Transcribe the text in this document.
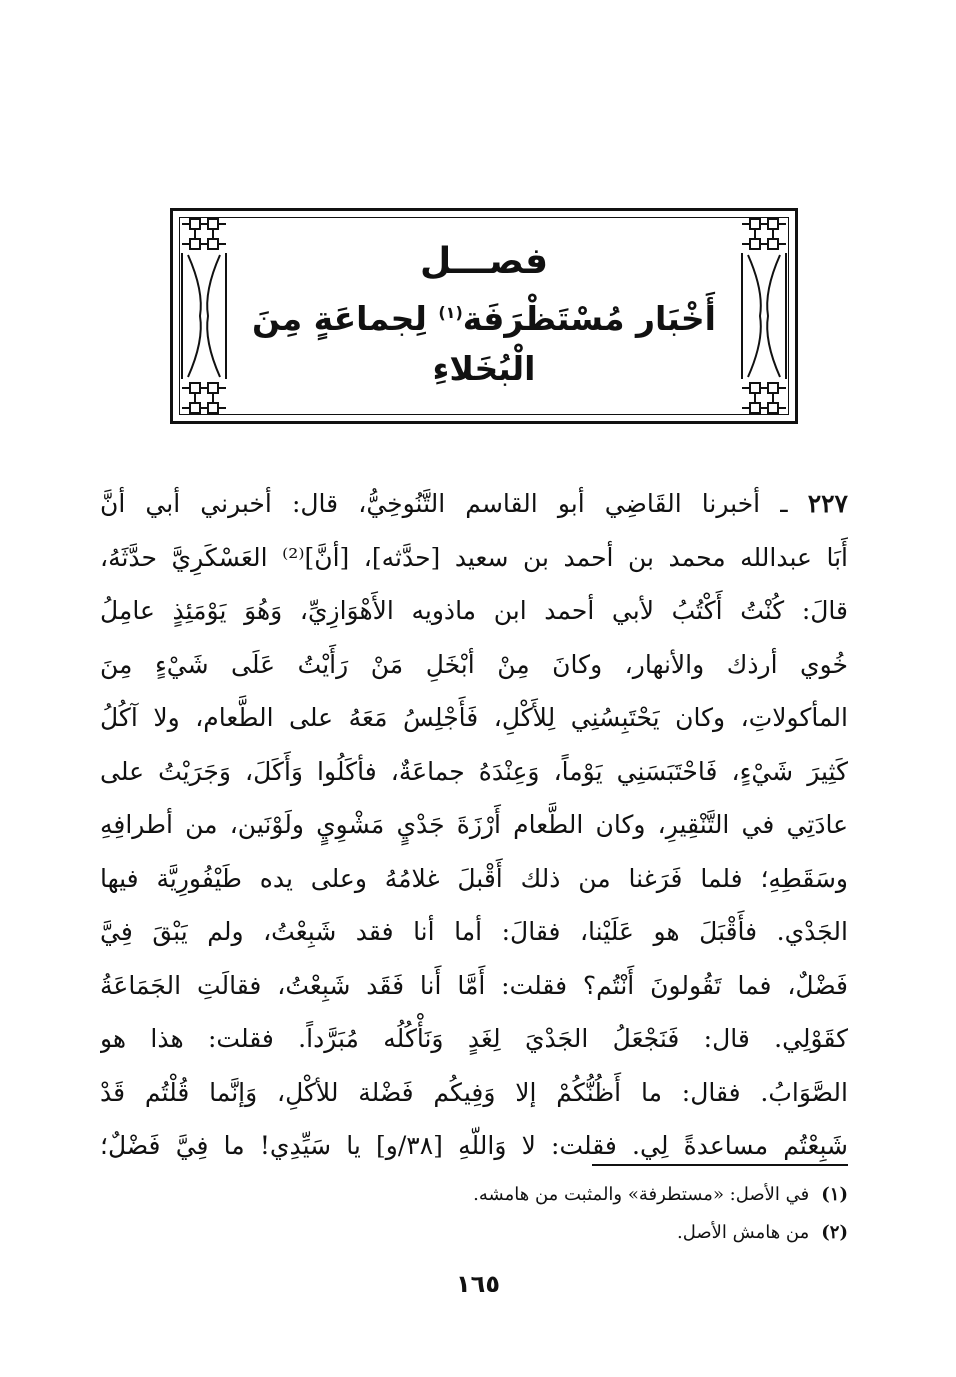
فصـــل
أَخْبَار مُسْتَظْرَفَة$^{(١)}$ لِجماعَةٍ مِنَ الْبُخَلاءِ
٢٢٧ ـ أخبرنا القَاضِي أبو القاسم التَّنُوخِيُّ، قال: أخبرني أبي أنَّ
أَبَا عبدالله محمد بن أحمد بن سعيد [حدَّثه]، [أنَّ]⁽²⁾ العَسْكَرِيَّ حدَّثَهُ،
قالَ: كُنْتُ أَكْتُبُ لأبي أحمد ابن ماذويه الأَهْوَازِيِّ، وَهُوَ يَوْمَئِذٍ عامِلُ
خُوي أرذك والأنهار، وكانَ مِنْ أبْخَلِ مَنْ رَأَيْتُ عَلَى شَيْءٍ مِنَ
المأكولاتِ، وكان يَحْتَبِسُنِي لِلأَكْلِ، فَأَجْلِسُ مَعَهُ على الطَّعام، ولا آكُلُ
كَثِيرَ شَيْءٍ، فَاحْتَبَسَنِي يَوْماً، وَعِنْدَهُ جماعَةٌ، فأكَلُوا وَأَكَلَ، وَجَرَيْتُ على
عادَتِي في التَّنْقِيرِ، وكان الطَّعام أَرْزَةَ جَدْيٍ مَشْوِيٍ ولَوْنَين، من أطرافِهِ
وسَقَطِهِ؛ فلما فَرَغنا من ذلك أَقْبلَ غلامُهُ وعلى يده طَيْفُورِيَّة فيها
الجَدْي. فأَقْبَلَ هو عَلَيْنا، فقالَ: أما أنا فقد شَبِعْتُ، ولم يَبْقَ فِيَّ
فَضْلٌ، فما تَقُولونَ أَنْتُم؟ فقلت: أَمَّا أَنا فَقَد شَبِعْتُ، فقالَتِ الجَمَاعَةُ
كقَوْلِي. قال: فَنَجْعَلُ الجَدْيَ لِغَدٍ وَنَأْكُلُه مُبَرَّداً. فقلت: هذا هو
الصَّوَابُ. فقال: ما أَظُنُّكُمْ إلا وَفِيكُم فَضْلة للأكْلِ، وَإنَّما قُلْتُم قَدْ
شَبِعْتُم مساعدةً لِي. فقلت: لا وَاللّهِ [٣٨/و] يا سَيِّدِي! ما فِيَّ فَضْلٌ؛
(١)في الأصل: «مستطرفة» والمثبت من هامشه.
(٢)من هامش الأصل.
١٦٥
